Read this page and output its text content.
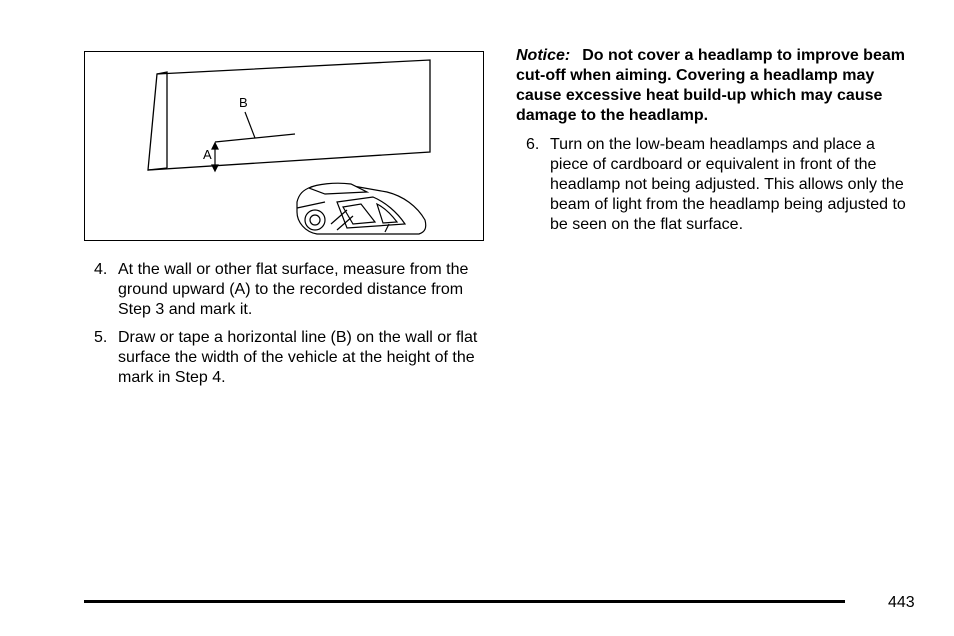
B
A
4. At the wall or other flat surface, measure from the ground upward (A) to the recorded distance from Step 3 and mark it.
5. Draw or tape a horizontal line (B) on the wall or flat surface the width of the vehicle at the height of the mark in Step 4.
Notice: Do not cover a headlamp to improve beam cut-off when aiming. Covering a headlamp may cause excessive heat build-up which may cause damage to the headlamp.
6. Turn on the low-beam headlamps and place a piece of cardboard or equivalent in front of the headlamp not being adjusted. This allows only the beam of light from the headlamp being adjusted to be seen on the flat surface.
443
